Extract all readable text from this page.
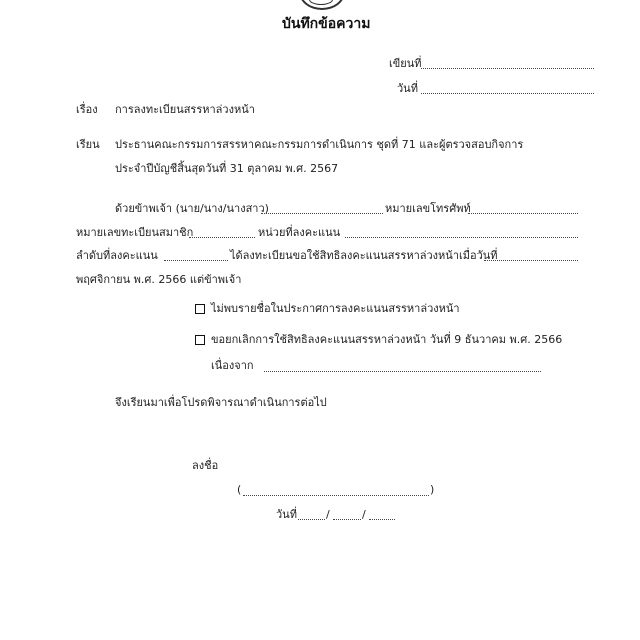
บันทึกข้อความ
เขียนที่
วันที่
เรื่อง การลงทะเบียนสรรหาล่วงหน้า
เรียน ประธานคณะกรรมการสรรหาคณะกรรมการดำเนินการ ชุดที่ 71 และผู้ตรวจสอบกิจการ
ประจำปีบัญชีสิ้นสุดวันที่ 31 ตุลาคม พ.ศ. 2567
ด้วยข้าพเจ้า (นาย/นาง/นางสาว)	หมายเลขโทรศัพท์
หมายเลขทะเบียนสมาชิก	หน่วยที่ลงคะแนน
ลำดับที่ลงคะแนน	ได้ลงทะเบียนขอใช้สิทธิลงคะแนนสรรหาล่วงหน้าเมื่อวันที่
พฤศจิกายน พ.ศ. 2566 แต่ข้าพเจ้า
ไม่พบรายชื่อในประกาศการลงคะแนนสรรหาล่วงหน้า
ขอยกเลิกการใช้สิทธิลงคะแนนสรรหาล่วงหน้า วันที่ 9 ธันวาคม พ.ศ. 2566
เนื่องจาก
จึงเรียนมาเพื่อโปรดพิจารณาดำเนินการต่อไป
ลงชื่อ
(	)
วันที่	/	/
